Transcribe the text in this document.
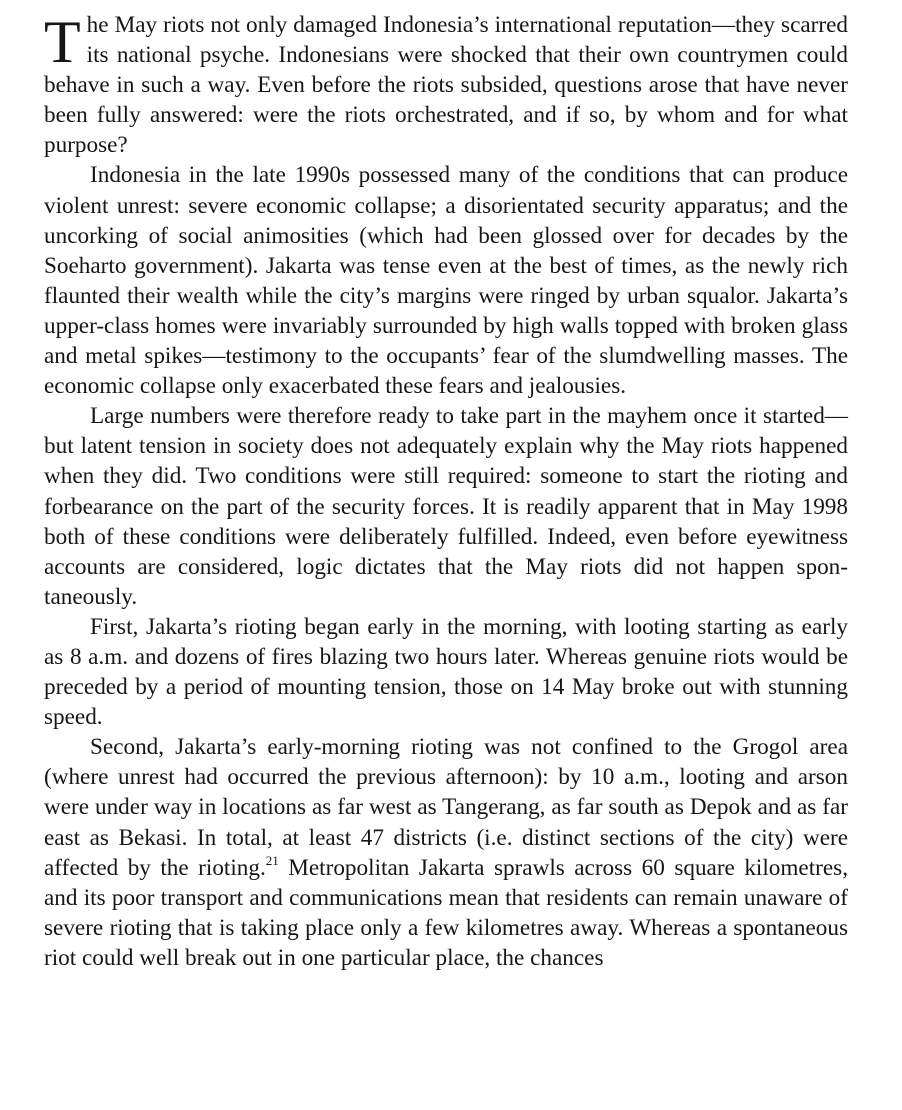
The May riots not only damaged Indonesia’s international reputation—they scarred its national psyche. Indonesians were shocked that their own countrymen could behave in such a way. Even before the riots subsided, questions arose that have never been fully answered: were the riots orchestrated, and if so, by whom and for what purpose?

Indonesia in the late 1990s possessed many of the conditions that can produce violent unrest: severe economic collapse; a disorientated security apparatus; and the uncorking of social animosities (which had been glossed over for decades by the Soeharto government). Jakarta was tense even at the best of times, as the newly rich flaunted their wealth while the city’s margins were ringed by urban squalor. Jakarta’s upper-class homes were invariably surrounded by high walls topped with broken glass and metal spikes—testimony to the occupants’ fear of the slumdwelling masses. The economic collapse only exacerbated these fears and jealousies.

Large numbers were therefore ready to take part in the mayhem once it started—but latent tension in society does not adequately explain why the May riots happened when they did. Two conditions were still required: someone to start the rioting and forbearance on the part of the security forces. It is readily apparent that in May 1998 both of these conditions were deliberately fulfilled. Indeed, even before eyewitness accounts are considered, logic dictates that the May riots did not happen spontaneously.

First, Jakarta’s rioting began early in the morning, with looting starting as early as 8 a.m. and dozens of fires blazing two hours later. Whereas genuine riots would be preceded by a period of mounting tension, those on 14 May broke out with stunning speed.

Second, Jakarta’s early-morning rioting was not confined to the Grogol area (where unrest had occurred the previous afternoon): by 10 a.m., looting and arson were under way in locations as far west as Tangerang, as far south as Depok and as far east as Bekasi. In total, at least 47 districts (i.e. distinct sections of the city) were affected by the rioting.$^{21}$ Metropolitan Jakarta sprawls across 60 square kilometres, and its poor transport and communications mean that residents can remain unaware of severe rioting that is taking place only a few kilometres away. Whereas a spontaneous riot could well break out in one particular place, the chances
